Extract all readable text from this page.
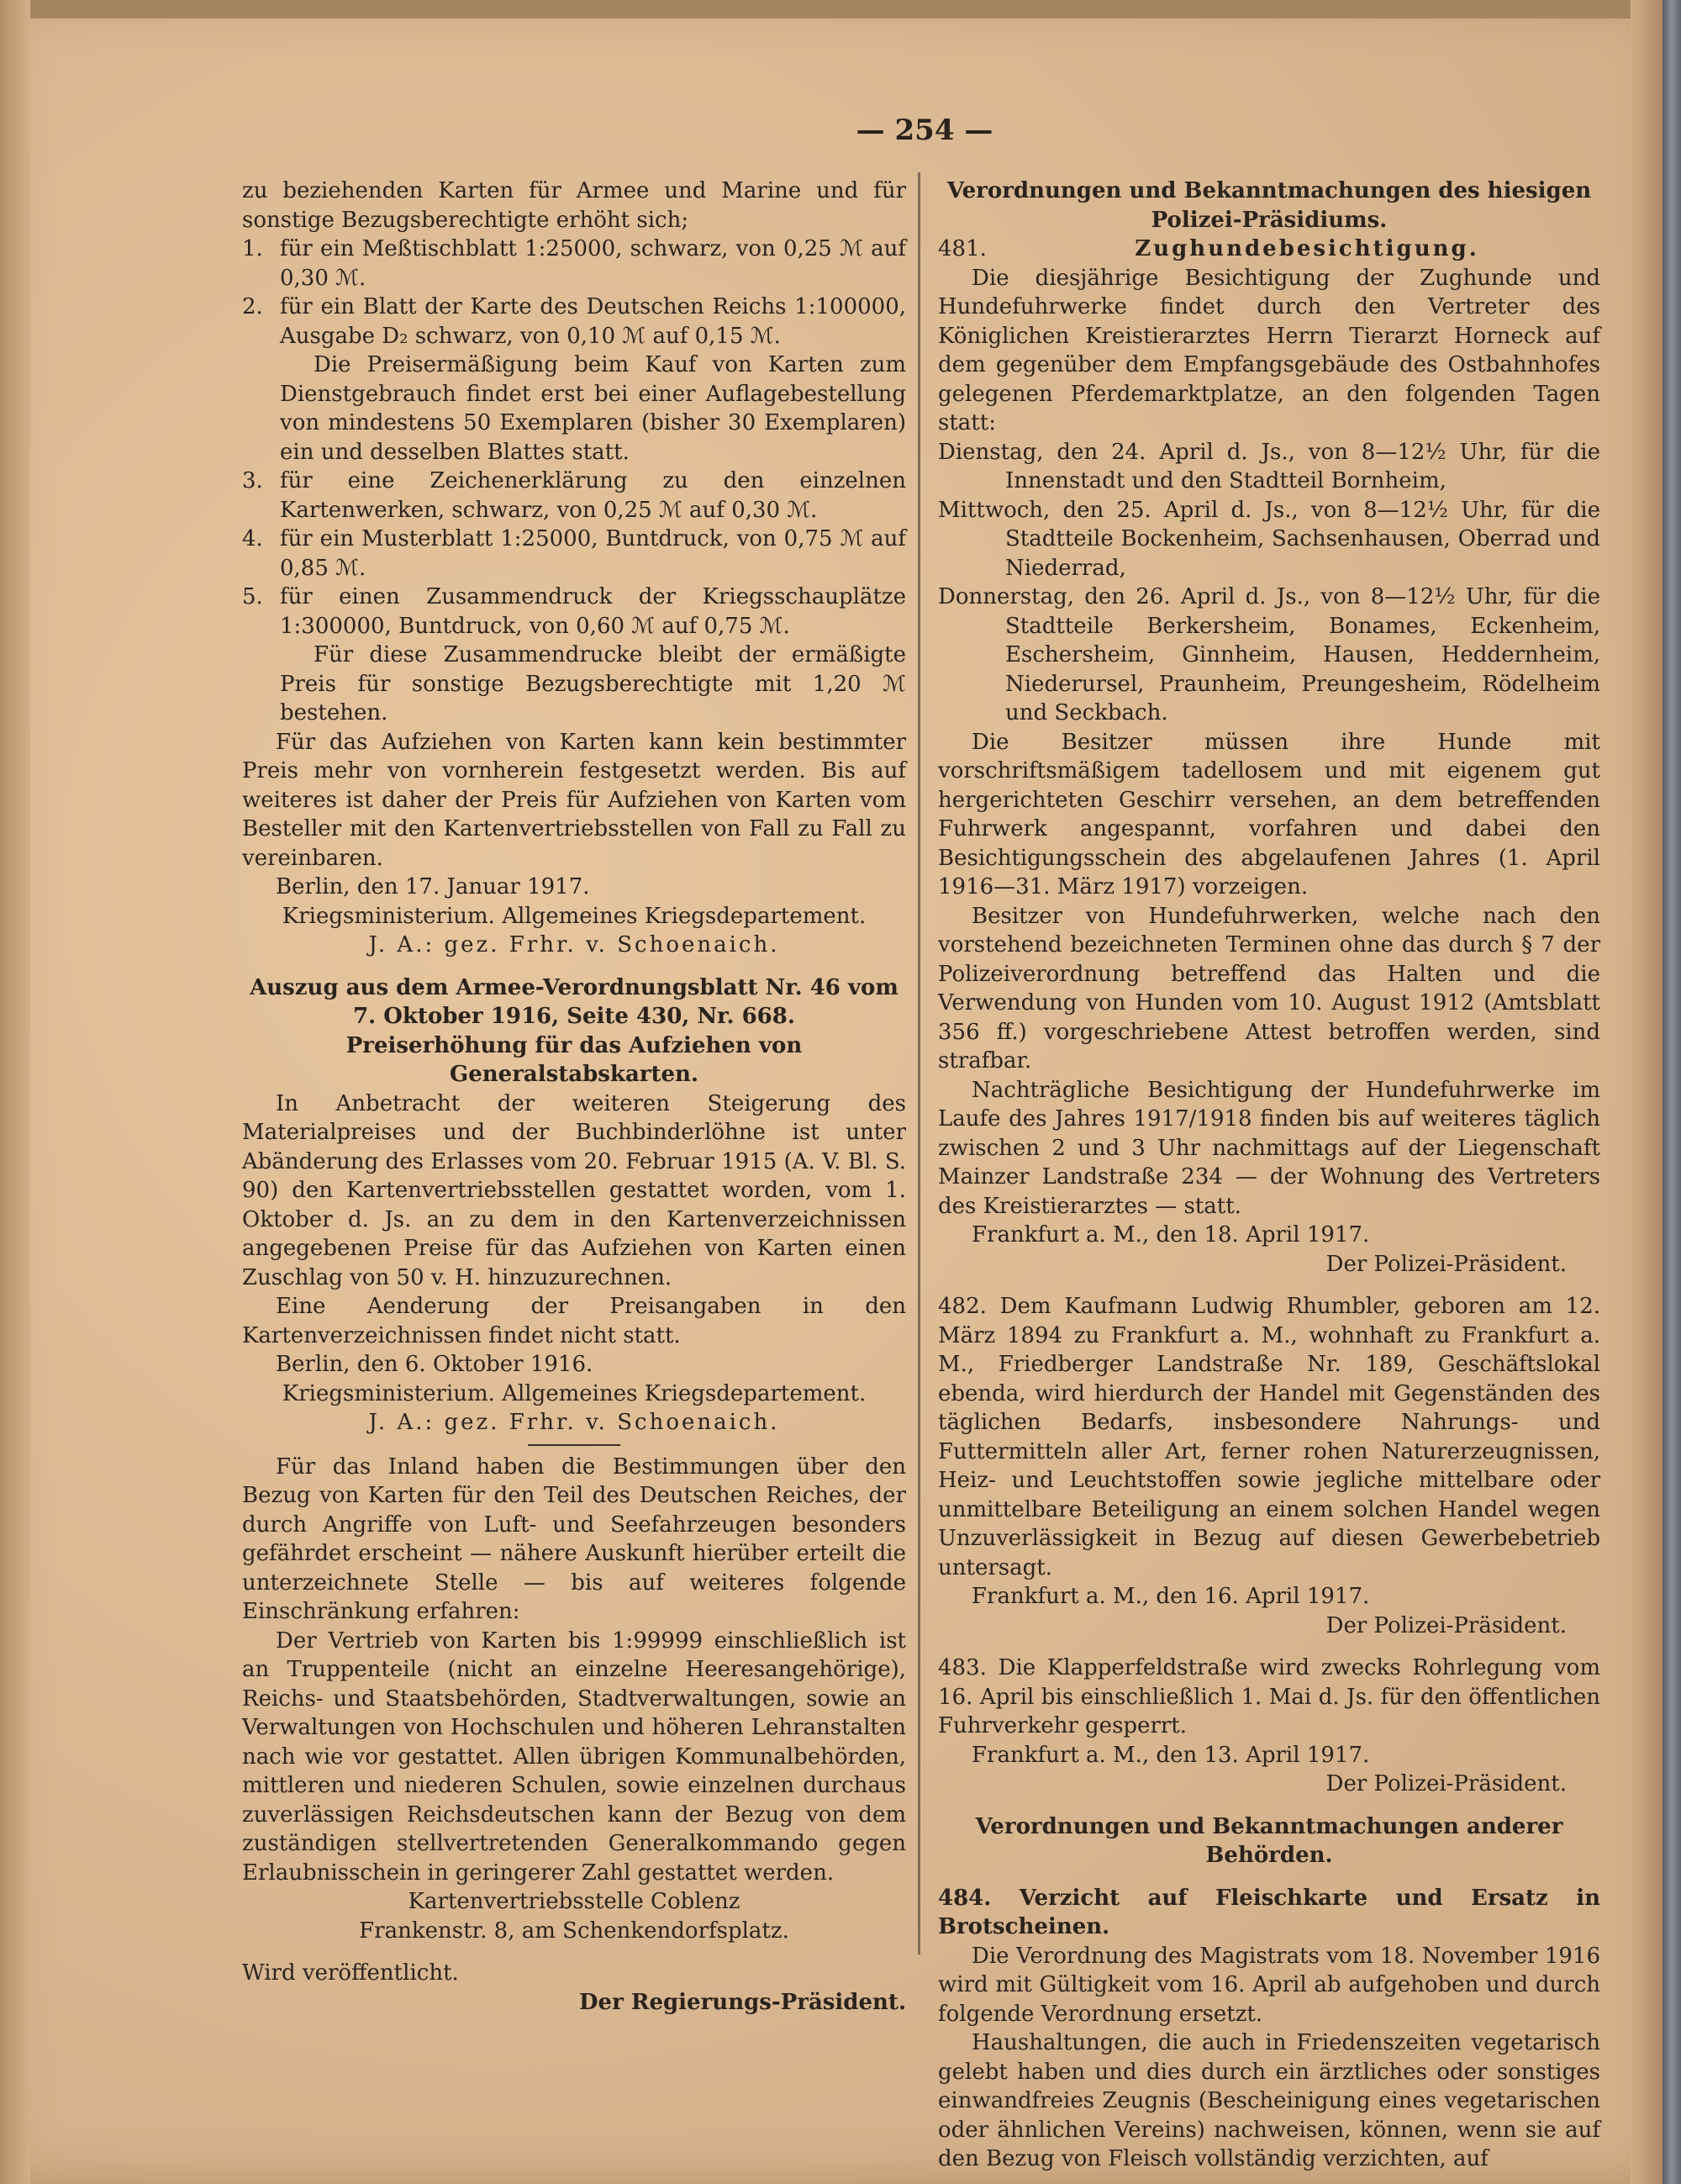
— 254 —

zu beziehenden Karten für Armee und Marine und für sonstige Bezugsberechtigte erhöht sich;

1. für ein Meßtischblatt 1:25000, schwarz, von 0,25 ℳ auf 0,30 ℳ.
2. für ein Blatt der Karte des Deutschen Reichs 1:100000, Ausgabe D₂ schwarz, von 0,10 ℳ auf 0,15 ℳ.

Die Preisermäßigung beim Kauf von Karten zum Dienstgebrauch findet erst bei einer Auflagebestellung von mindestens 50 Exemplaren (bisher 30 Exemplaren) ein und desselben Blattes statt.

3. für eine Zeichenerklärung zu den einzelnen Kartenwerken, schwarz, von 0,25 ℳ auf 0,30 ℳ.
4. für ein Musterblatt 1:25000, Buntdruck, von 0,75 ℳ auf 0,85 ℳ.
5. für einen Zusammendruck der Kriegsschauplätze 1:300000, Buntdruck, von 0,60 ℳ auf 0,75 ℳ.

Für diese Zusammendrucke bleibt der ermäßigte Preis für sonstige Bezugsberechtigte mit 1,20 ℳ bestehen.

Für das Aufziehen von Karten kann kein bestimmter Preis mehr von vornherein festgesetzt werden. Bis auf weiteres ist daher der Preis für Aufziehen von Karten vom Besteller mit den Kartenvertriebsstellen von Fall zu Fall zu vereinbaren.

Berlin, den 17. Januar 1917.

Kriegsministerium. Allgemeines Kriegsdepartement.

J. A.: gez. Frhr. v. Schoenaich.

Auszug aus dem Armee-Verordnungsblatt Nr. 46 vom 7. Oktober 1916, Seite 430, Nr. 668.

Preiserhöhung für das Aufziehen von Generalstabskarten.

In Anbetracht der weiteren Steigerung des Materialpreises und der Buchbinderlöhne ist unter Abänderung des Erlasses vom 20. Februar 1915 (A. V. Bl. S. 90) den Kartenvertriebsstellen gestattet worden, vom 1. Oktober d. Js. an zu dem in den Kartenverzeichnissen angegebenen Preise für das Aufziehen von Karten einen Zuschlag von 50 v. H. hinzuzurechnen.

Eine Aenderung der Preisangaben in den Kartenverzeichnissen findet nicht statt.

Berlin, den 6. Oktober 1916.

Kriegsministerium. Allgemeines Kriegsdepartement.

J. A.: gez. Frhr. v. Schoenaich.

Für das Inland haben die Bestimmungen über den Bezug von Karten für den Teil des Deutschen Reiches, der durch Angriffe von Luft- und Seefahrzeugen besonders gefährdet erscheint — nähere Auskunft hierüber erteilt die unterzeichnete Stelle — bis auf weiteres folgende Einschränkung erfahren:

Der Vertrieb von Karten bis 1:99999 einschließlich ist an Truppenteile (nicht an einzelne Heeresangehörige), Reichs- und Staatsbehörden, Stadtverwaltungen, sowie an Verwaltungen von Hochschulen und höheren Lehranstalten nach wie vor gestattet. Allen übrigen Kommunalbehörden, mittleren und niederen Schulen, sowie einzelnen durchaus zuverlässigen Reichsdeutschen kann der Bezug von dem zuständigen stellvertretenden Generalkommando gegen Erlaubnisschein in geringerer Zahl gestattet werden.

Kartenvertriebsstelle Coblenz

Frankenstr. 8, am Schenkendorfsplatz.

Wird veröffentlicht.

Der Regierungs-Präsident.

Verordnungen und Bekanntmachungen des hiesigen Polizei-Präsidiums.

481.	Zughundebesichtigung.

Die diesjährige Besichtigung der Zughunde und Hundefuhrwerke findet durch den Vertreter des Königlichen Kreistierarztes Herrn Tierarzt Horneck auf dem gegenüber dem Empfangsgebäude des Ostbahnhofes gelegenen Pferdemarktplatze, an den folgenden Tagen statt:

Dienstag, den 24. April d. Js., von 8—12½ Uhr, für die Innenstadt und den Stadtteil Bornheim,

Mittwoch, den 25. April d. Js., von 8—12½ Uhr, für die Stadtteile Bockenheim, Sachsenhausen, Oberrad und Niederrad,

Donnerstag, den 26. April d. Js., von 8—12½ Uhr, für die Stadtteile Berkersheim, Bonames, Eckenheim, Eschersheim, Ginnheim, Hausen, Heddernheim, Niederursel, Praunheim, Preungesheim, Rödelheim und Seckbach.

Die Besitzer müssen ihre Hunde mit vorschriftsmäßigem tadellosem und mit eigenem gut hergerichteten Geschirr versehen, an dem betreffenden Fuhrwerk angespannt, vorfahren und dabei den Besichtigungsschein des abgelaufenen Jahres (1. April 1916—31. März 1917) vorzeigen.

Besitzer von Hundefuhrwerken, welche nach den vorstehend bezeichneten Terminen ohne das durch § 7 der Polizeiverordnung betreffend das Halten und die Verwendung von Hunden vom 10. August 1912 (Amtsblatt 356 ff.) vorgeschriebene Attest betroffen werden, sind strafbar.

Nachträgliche Besichtigung der Hundefuhrwerke im Laufe des Jahres 1917/1918 finden bis auf weiteres täglich zwischen 2 und 3 Uhr nachmittags auf der Liegenschaft Mainzer Landstraße 234 — der Wohnung des Vertreters des Kreistierarztes — statt.

Frankfurt a. M., den 18. April 1917.

Der Polizei-Präsident.

482. Dem Kaufmann Ludwig Rhumbler, geboren am 12. März 1894 zu Frankfurt a. M., wohnhaft zu Frankfurt a. M., Friedberger Landstraße Nr. 189, Geschäftslokal ebenda, wird hierdurch der Handel mit Gegenständen des täglichen Bedarfs, insbesondere Nahrungs- und Futtermitteln aller Art, ferner rohen Naturerzeugnissen, Heiz- und Leuchtstoffen sowie jegliche mittelbare oder unmittelbare Beteiligung an einem solchen Handel wegen Unzuverlässigkeit in Bezug auf diesen Gewerbebetrieb untersagt.

Frankfurt a. M., den 16. April 1917.

Der Polizei-Präsident.

483. Die Klapperfeldstraße wird zwecks Rohrlegung vom 16. April bis einschließlich 1. Mai d. Js. für den öffentlichen Fuhrverkehr gesperrt.

Frankfurt a. M., den 13. April 1917.

Der Polizei-Präsident.

Verordnungen und Bekanntmachungen anderer Behörden.

484. Verzicht auf Fleischkarte und Ersatz in Brotscheinen.

Die Verordnung des Magistrats vom 18. November 1916 wird mit Gültigkeit vom 16. April ab aufgehoben und durch folgende Verordnung ersetzt.

Haushaltungen, die auch in Friedenszeiten vegetarisch gelebt haben und dies durch ein ärztliches oder sonstiges einwandfreies Zeugnis (Bescheinigung eines vegetarischen oder ähnlichen Vereins) nachweisen, können, wenn sie auf den Bezug von Fleisch vollständig verzichten, auf
